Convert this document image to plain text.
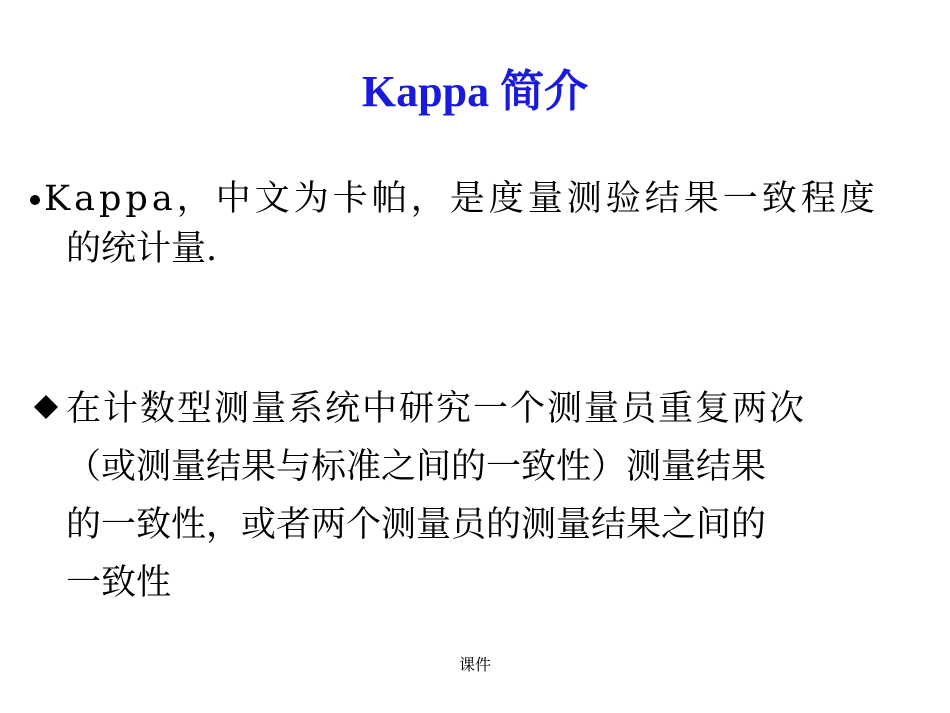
Kappa 简介
Kappa，中文为卡帕，是度量测验结果一致程度
的统计量.
在计数型测量系统中研究一个测量员重复两次
（或测量结果与标准之间的一致性）测量结果
的一致性，或者两个测量员的测量结果之间的
一致性
课件
